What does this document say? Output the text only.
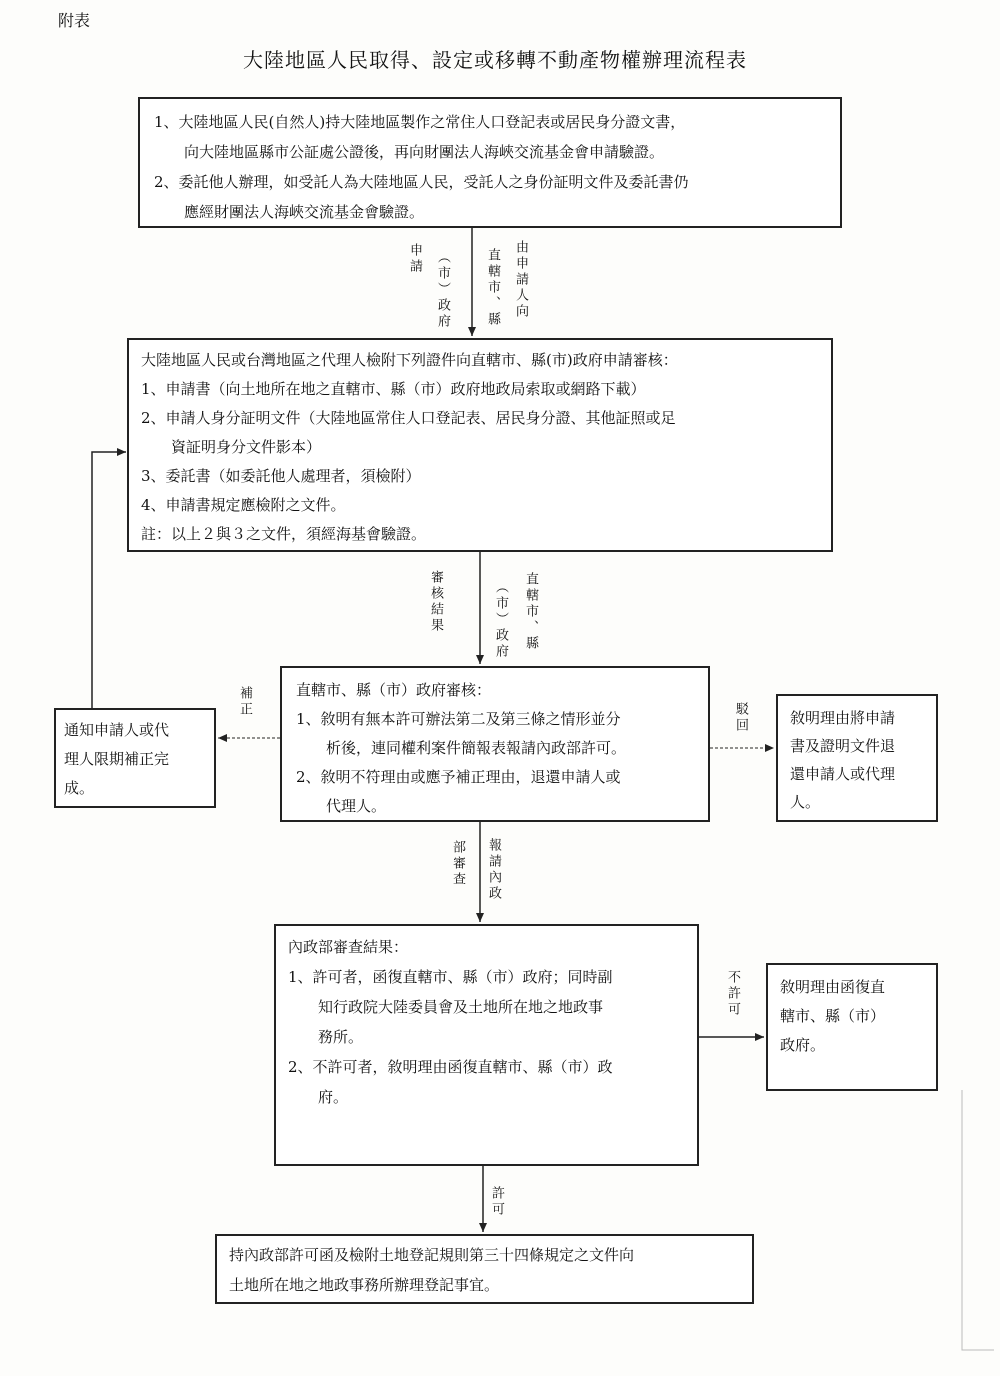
附表
大陸地區人民取得、設定或移轉不動產物權辦理流程表

1、大陸地區人民(自然人)持大陸地區製作之常住人口登記表或居民身分證文書，

向大陸地區縣市公証處公證後，再向財團法人海峽交流基金會申請驗證。

2、委託他人辦理，如受託人為大陸地區人民，受託人之身份証明文件及委託書仍

應經財團法人海峽交流基金會驗證。

申請 （市）政府	直轄市、縣 由申請人向

大陸地區人民或台灣地區之代理人檢附下列證件向直轄市、縣(市)政府申請審核：

1、申請書（向土地所在地之直轄市、縣（市）政府地政局索取或網路下載）

2、申請人身分証明文件（大陸地區常住人口登記表、居民身分證、其他証照或足

資証明身分文件影本）

3、委託書（如委託他人處理者，須檢附）

4、申請書規定應檢附之文件。

註：以上２與３之文件，須經海基會驗證。

審核結果	（市）政府 直轄市、縣

直轄市、縣（市）政府審核：

1、敘明有無本許可辦法第二及第三條之情形並分

析後，連同權利案件簡報表報請內政部許可。

2、敘明不符理由或應予補正理由，退還申請人或

代理人。

補正

通知申請人或代

理人限期補正完

成。

駁回	敘明理由將申請

書及證明文件退

還申請人或代理

人。

部審查 報請內政

內政部審查結果：

1、許可者，函復直轄市、縣（市）政府；同時副

知行政院大陸委員會及土地所在地之地政事

務所。

2、不許可者，敘明理由函復直轄市、縣（市）政

府。

不許可	敘明理由函復直

轄市、縣（市）

政府。

許可

持內政部許可函及檢附土地登記規則第三十四條規定之文件向

土地所在地之地政事務所辦理登記事宜。
